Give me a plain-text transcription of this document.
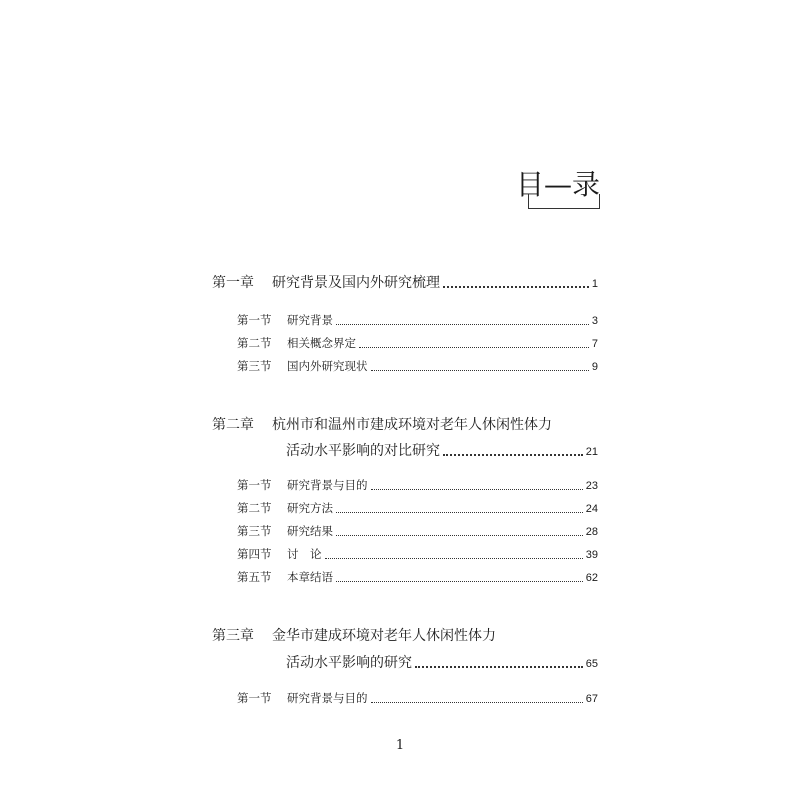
目—录
第一章	研究背景及国内外研究梳理	1
第一节	研究背景	3
第二节	相关概念界定	7
第三节	国内外研究现状	9
第二章	杭州市和温州市建成环境对老年人休闲性体力
活动水平影响的对比研究	21
第一节	研究背景与目的	23
第二节	研究方法	24
第三节	研究结果	28
第四节	讨　论	39
第五节	本章结语	62
第三章	金华市建成环境对老年人休闲性体力
活动水平影响的研究	65
第一节	研究背景与目的	67
1
